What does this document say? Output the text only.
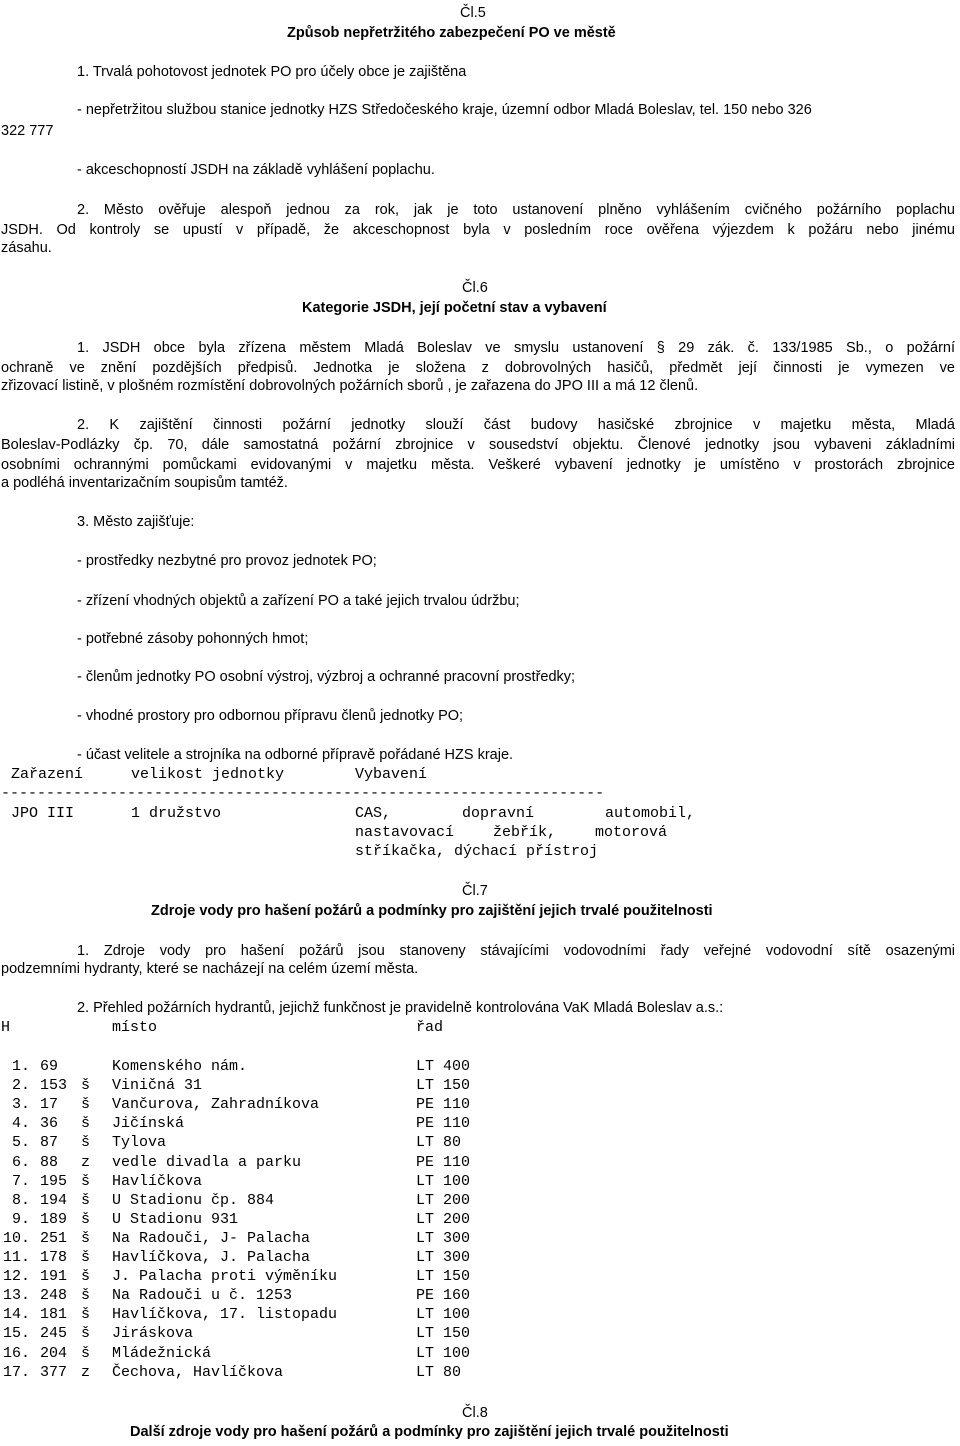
Čl.5
Způsob nepřetržitého zabezpečení PO ve městě
1. Trvalá pohotovost jednotek PO pro účely obce je zajištěna
- nepřetržitou službou stanice jednotky HZS Středočeského kraje, územní odbor Mladá Boleslav, tel. 150 nebo 326
322 777
- akceschopností JSDH na základě vyhlášení poplachu.
2. Město ověřuje alespoň jednou za rok, jak je toto ustanovení plněno vyhlášením cvičného požárního poplachu
JSDH. Od kontroly se upustí v případě, že akceschopnost byla v posledním roce ověřena výjezdem k požáru nebo jinému
zásahu.
Čl.6
Kategorie JSDH, její početní stav a vybavení
1. JSDH obce byla zřízena městem Mladá Boleslav ve smyslu ustanovení § 29 zák. č. 133/1985 Sb., o požární
ochraně ve znění pozdějších předpisů. Jednotka je složena z dobrovolných hasičů, předmět její činnosti je vymezen ve
zřizovací listině, v plošném rozmístění dobrovolných požárních sborů , je zařazena do JPO III a má 12 členů.
2. K zajištění činnosti požární jednotky slouží část budovy hasičské zbrojnice v majetku města, Mladá
Boleslav-Podlázky čp. 70, dále samostatná požární zbrojnice v sousedství objektu. Členové jednotky jsou vybaveni základními
osobními ochrannými pomůckami evidovanými v majetku města. Veškeré vybavení jednotky je umístěno v prostorách zbrojnice
a podléhá inventarizačním soupisům tamtéž.
3. Město zajišťuje:
- prostředky nezbytné pro provoz jednotek PO;
- zřízení vhodných objektů a zařízení PO a také jejich trvalou údržbu;
- potřebné zásoby pohonných hmot;
- členům jednotky PO osobní výstroj, výzbroj a ochranné pracovní prostředky;
- vhodné prostory pro odbornou přípravu členů jednotky PO;
- účast velitele a strojníka na odborné přípravě pořádané HZS kraje.
Zařazení	velikost jednotky	Vybavení
-------------------------------------------------------------------
JPO III	1 družstvo	CAS, dopravní automobil,
nastavovací žebřík, motorová
stříkačka, dýchací přístroj
Čl.7
Zdroje vody pro hašení požárů a podmínky pro zajištění jejich trvalé použitelnosti
1. Zdroje vody pro hašení požárů jsou stanoveny stávajícími vodovodními řady veřejné vodovodní sítě osazenými
podzemními hydranty, které se nacházejí na celém území města.
2. Přehled požárních hydrantů, jejichž funkčnost je pravidelně kontrolována VaK Mladá Boleslav a.s.:
H	místo	řad
1. 69	Komenského nám.	LT 400
2. 153 š Viničná 31	LT 150
3. 17 š Vančurova, Zahradníkova	PE 110
4. 36 š Jičínská	PE 110
5. 87 š Tylova	LT 80
6. 88 z vedle divadla a parku	PE 110
7. 195 š Havlíčkova	LT 100
8. 194 š U Stadionu čp. 884	LT 200
9. 189 š U Stadionu 931	LT 200
10. 251 š Na Radouči, J- Palacha	LT 300
11. 178 š Havlíčkova, J. Palacha	LT 300
12. 191 š J. Palacha proti výměníku	LT 150
13. 248 š Na Radouči u č. 1253	PE 160
14. 181 š Havlíčkova, 17. listopadu	LT 100
15. 245 š Jiráskova	LT 150
16. 204 š Mládežnická	LT 100
17. 377 z Čechova, Havlíčkova	LT 80
Čl.8
Další zdroje vody pro hašení požárů a podmínky pro zajištění jejich trvalé použitelnosti
